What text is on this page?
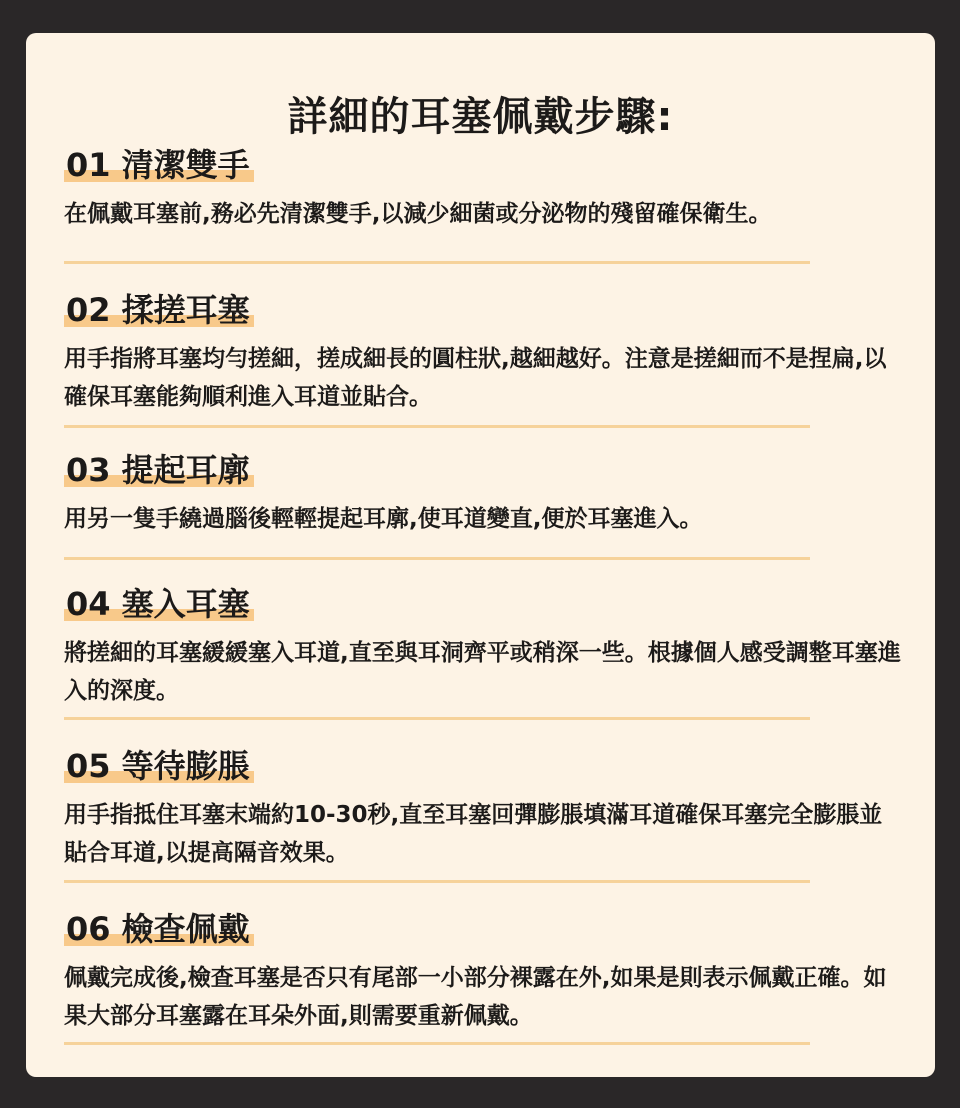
詳細的耳塞佩戴步驟:
01 清潔雙手
在佩戴耳塞前,務必先清潔雙手,以減少細菌或分泌物的殘留確保衛生。
02 揉搓耳塞
用手指將耳塞均勻搓細，搓成細長的圓柱狀,越細越好。注意是搓細而不是捏扁,以確保耳塞能夠順利進入耳道並貼合。
03 提起耳廓
用另一隻手繞過腦後輕輕提起耳廓,使耳道變直,便於耳塞進入。
04 塞入耳塞
將搓細的耳塞緩緩塞入耳道,直至與耳洞齊平或稍深一些。根據個人感受調整耳塞進入的深度。
05 等待膨脹
用手指抵住耳塞末端約10-30秒,直至耳塞回彈膨脹填滿耳道確保耳塞完全膨脹並貼合耳道,以提高隔音效果。
06 檢查佩戴
佩戴完成後,檢查耳塞是否只有尾部一小部分裸露在外,如果是則表示佩戴正確。如果大部分耳塞露在耳朵外面,則需要重新佩戴。
